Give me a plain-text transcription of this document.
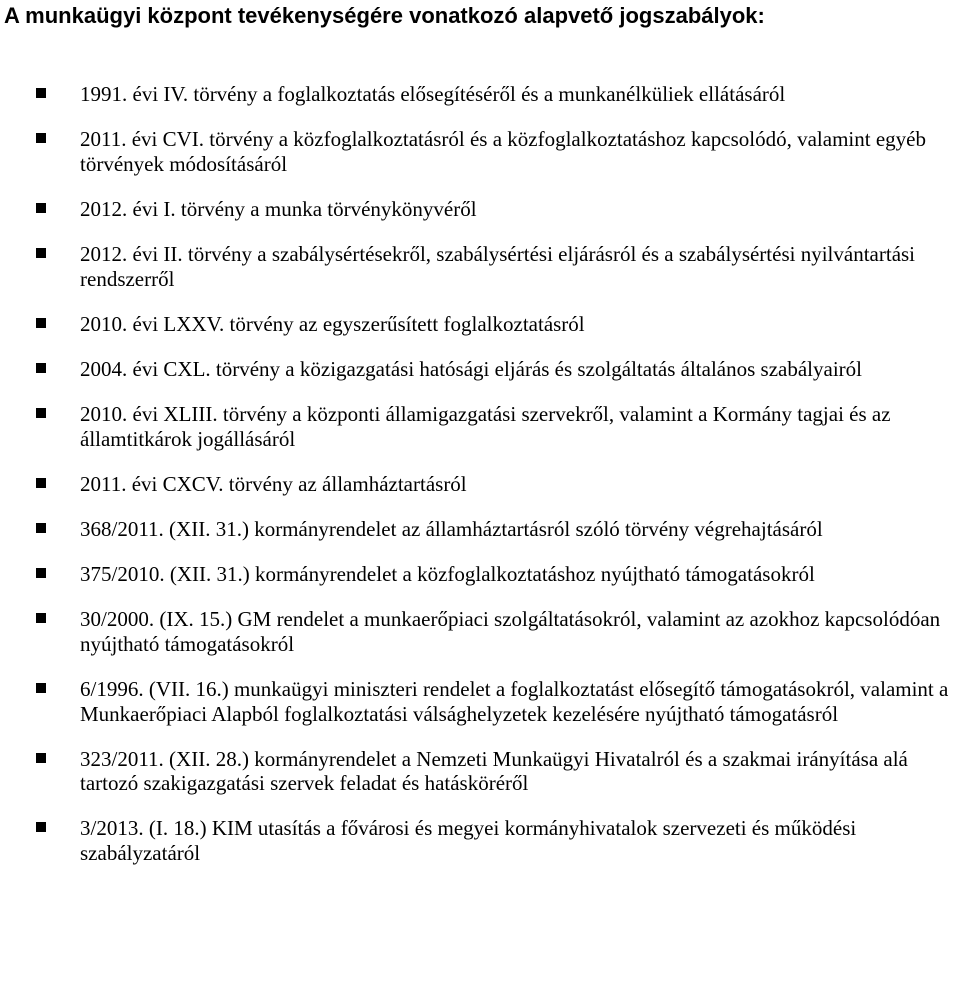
A munkaügyi központ tevékenységére vonatkozó alapvető jogszabályok:
1991. évi IV. törvény a foglalkoztatás elősegítéséről és a munkanélküliek ellátásáról
2011. évi CVI. törvény a közfoglalkoztatásról és a közfoglalkoztatáshoz kapcsolódó, valamint egyéb törvények módosításáról
2012. évi I. törvény a munka törvénykönyvéről
2012. évi II. törvény a szabálysértésekről, szabálysértési eljárásról és a szabálysértési nyilvántartási rendszerről
2010. évi LXXV. törvény az egyszerűsített foglalkoztatásról
2004. évi CXL. törvény a közigazgatási hatósági eljárás és szolgáltatás általános szabályairól
2010. évi XLIII. törvény a központi államigazgatási szervekről, valamint a Kormány tagjai és az államtitkárok jogállásáról
2011. évi CXCV. törvény az államháztartásról
368/2011. (XII. 31.) kormányrendelet az államháztartásról szóló törvény végrehajtásáról
375/2010. (XII. 31.) kormányrendelet a közfoglalkoztatáshoz nyújtható támogatásokról
30/2000. (IX. 15.) GM rendelet a munkaerőpiaci szolgáltatásokról, valamint az azokhoz kapcsolódóan nyújtható támogatásokról
6/1996. (VII. 16.) munkaügyi miniszteri rendelet a foglalkoztatást elősegítő támogatásokról, valamint a Munkaerőpiaci Alapból foglalkoztatási válsághelyzetek kezelésére nyújtható támogatásról
323/2011. (XII. 28.) kormányrendelet a Nemzeti Munkaügyi Hivatalról és a szakmai irányítása alá tartozó szakigazgatási szervek feladat és hatásköréről
3/2013. (I. 18.) KIM utasítás a fővárosi és megyei kormányhivatalok szervezeti és működési szabályzatáról
